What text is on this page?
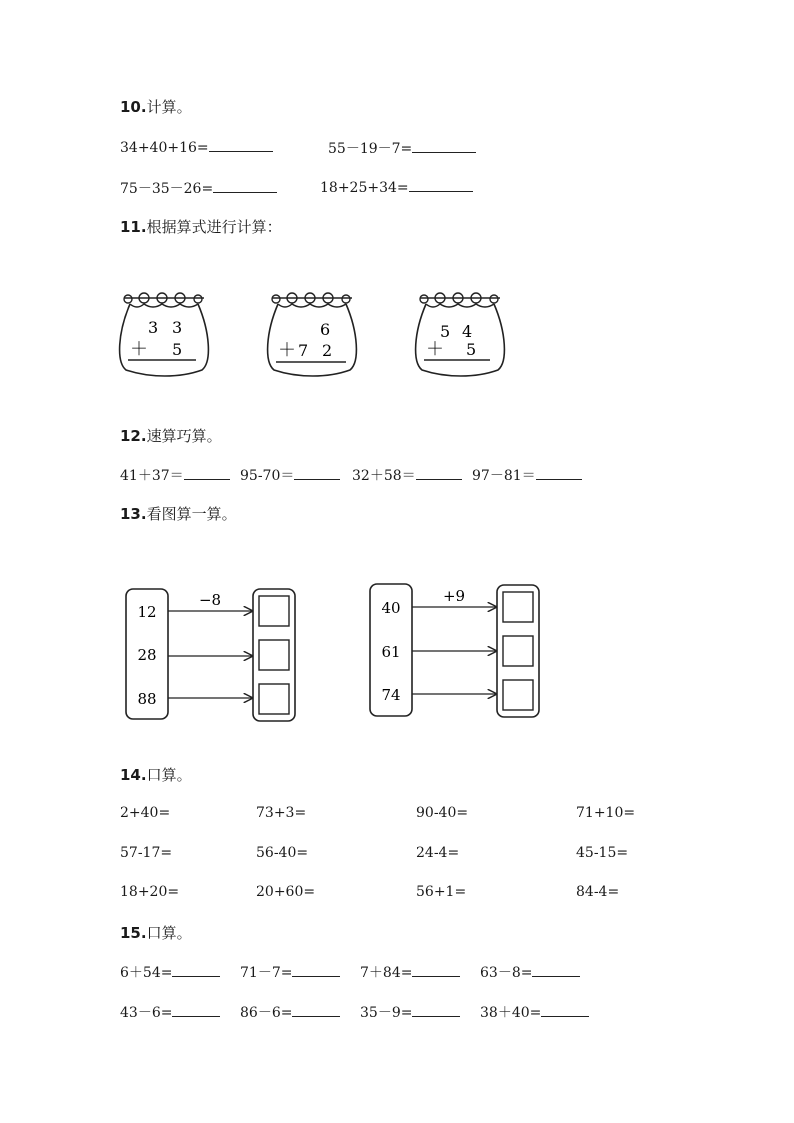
10.计算。
34+40+16=	55－19－7=
75－35－26=	18+25+34=
11.根据算式进行计算：
3 3
＋ 5
6
＋ 7 2
5 4
＋ 5
12
28
88
−8	40
61
74
+9
12.速算巧算。
41＋37＝	95-70＝	32＋58＝	97－81＝
13.看图算一算。
14.口算。
2+40=	73+3=	90-40=	71+10=
57-17=	56-40=	24-4=	45-15=
18+20=	20+60=	56+1=	84-4=
15.口算。
6＋54=	71－7=	7＋84=	63－8=
43－6=	86－6=	35－9=	38＋40=
